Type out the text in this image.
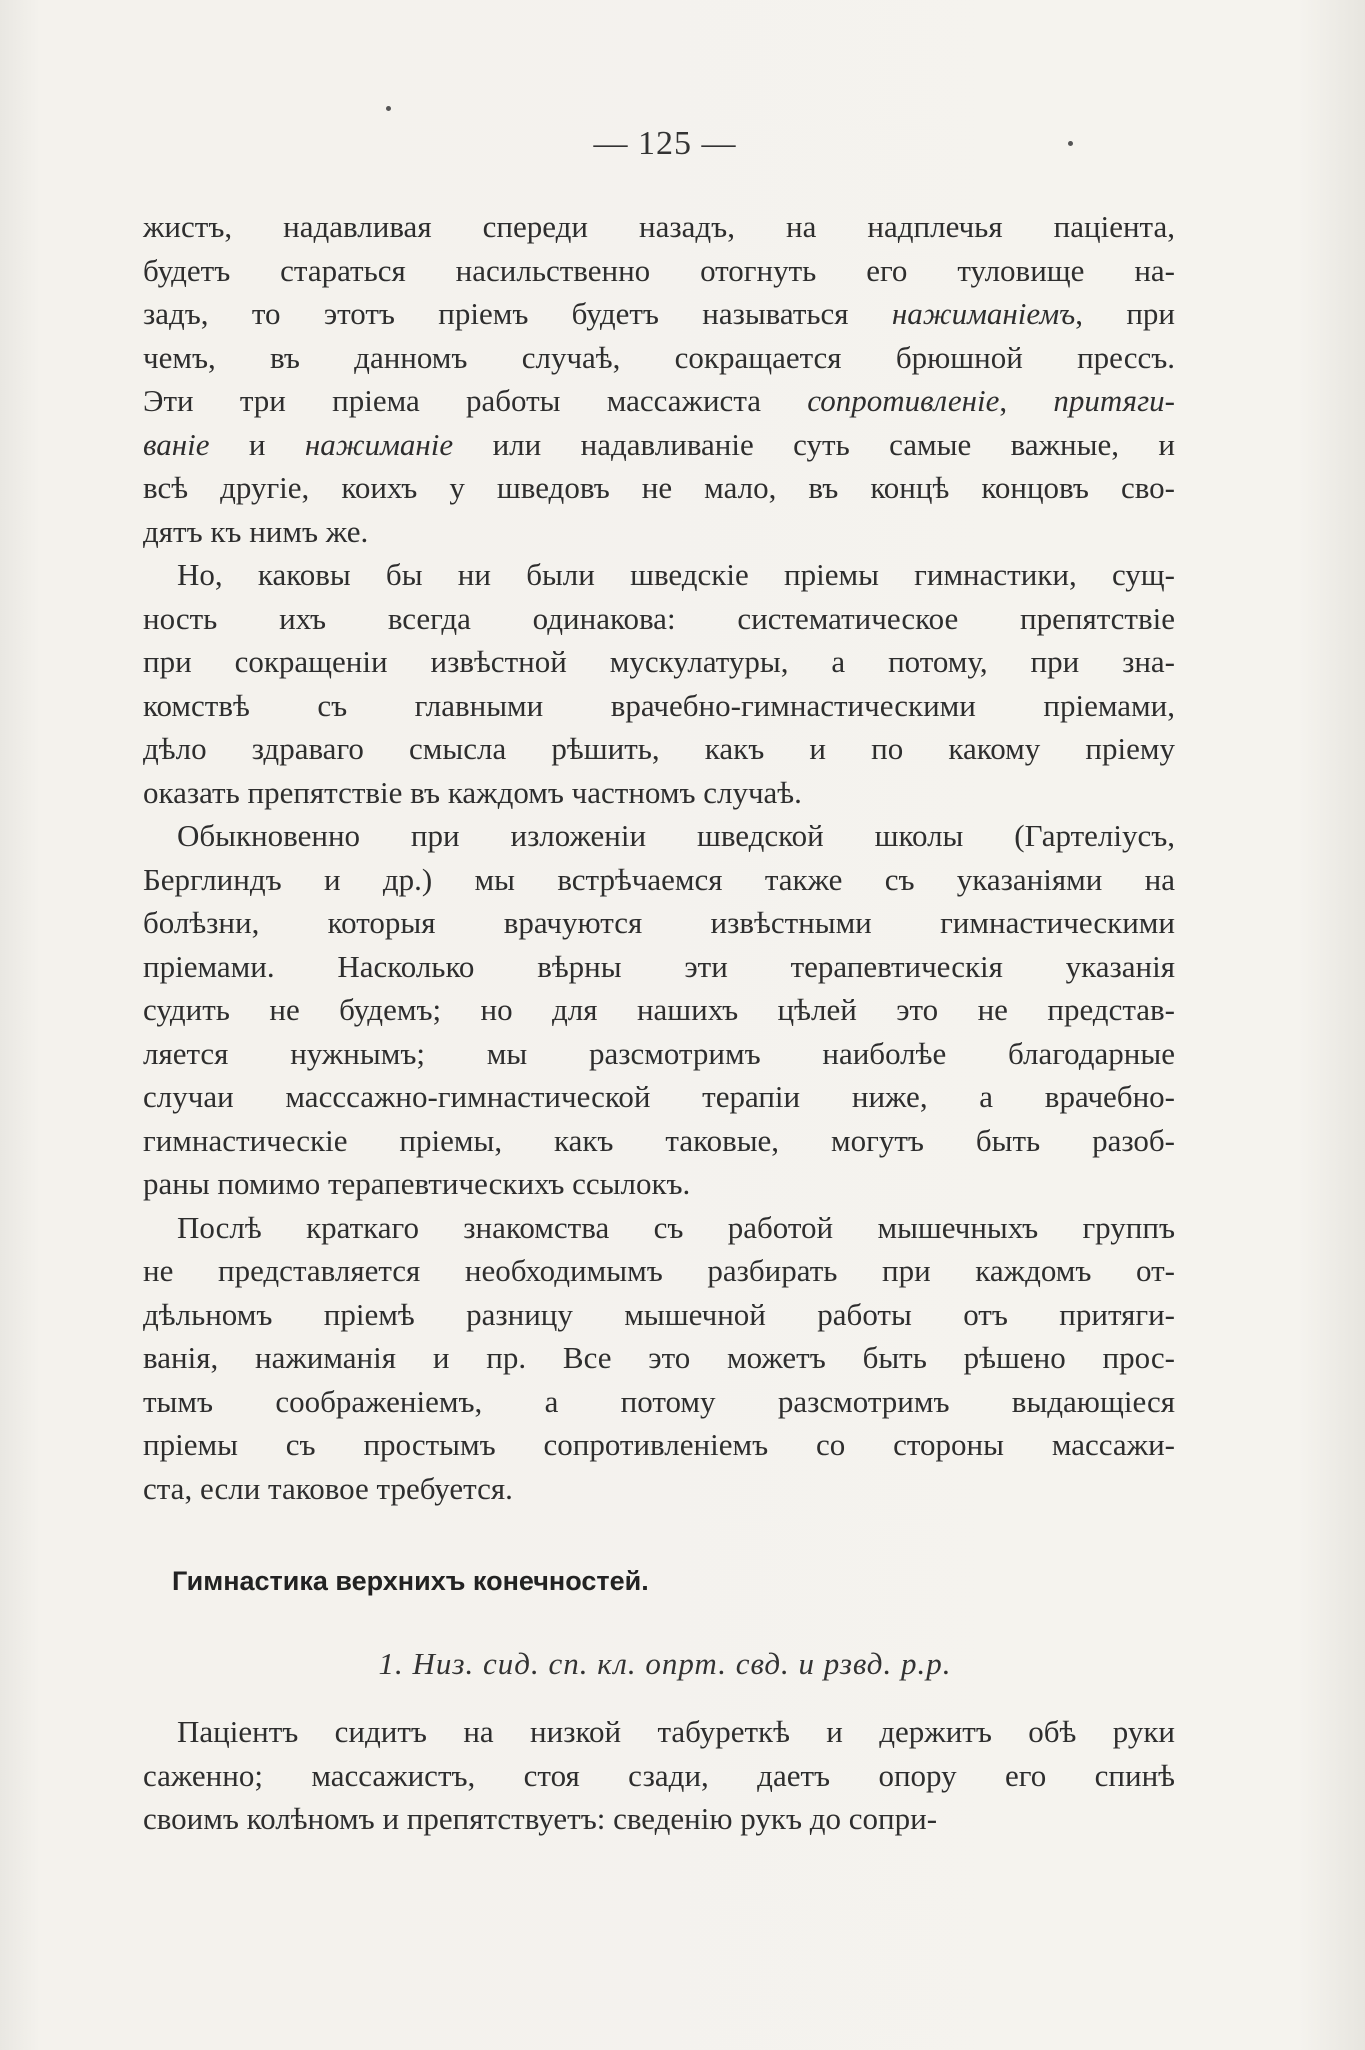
— 125 —
жистъ, надавливая спереди назадъ, на надплечья пацiента,
будетъ стараться насильственно отогнуть его туловище на-
задъ, то этотъ прiемъ будетъ называться нажиманiемъ, при
чемъ, въ данномъ случаѣ, сокращается брюшной прессъ.
Эти три прiема работы массажиста сопротивленiе, притяги-
ванiе и нажиманiе или надавливанiе суть самые важные, и
всѣ другiе, коихъ у шведовъ не мало, въ концѣ концовъ сво-
дятъ къ нимъ же.
Но, каковы бы ни были шведскiе прiемы гимнастики, сущ-
ность ихъ всегда одинакова: систематическое препятствiе
при сокращенiи извѣстной мускулатуры, а потому, при зна-
комствѣ съ главными врачебно-гимнастическими прiемами,
дѣло здраваго смысла рѣшить, какъ и по какому прiему
оказать препятствiе въ каждомъ частномъ случаѣ.
Обыкновенно при изложенiи шведской школы (Гартелiусъ,
Берглиндъ и др.) мы встрѣчаемся также съ указанiями на
болѣзни, которыя врачуются извѣстными гимнастическими
прiемами. Насколько вѣрны эти терапевтическiя указанiя
судить не будемъ; но для нашихъ цѣлей это не представ-
ляется нужнымъ; мы разсмотримъ наиболѣе благодарные
случаи масссажно-гимнастической терапiи ниже, а врачебно-
гимнастическiе прiемы, какъ таковые, могутъ быть разоб-
раны помимо терапевтическихъ ссылокъ.
Послѣ краткаго знакомства съ работой мышечныхъ группъ
не представляется необходимымъ разбирать при каждомъ от-
дѣльномъ прiемѣ разницу мышечной работы отъ притяги-
ванiя, нажиманiя и пр. Все это можетъ быть рѣшено прос-
тымъ соображенiемъ, а потому разсмотримъ выдающiеся
прiемы съ простымъ сопротивленiемъ со стороны массажи-
ста, если таковое требуется.
Гимнастика верхнихъ конечностей.
1. Низ. сид. сп. кл. опрт. свд. и рзвд. р.р.
Пацiентъ сидитъ на низкой табуреткѣ и держитъ обѣ руки
саженно; массажистъ, стоя сзади, даетъ опору его спинѣ
своимъ колѣномъ и препятствуетъ: сведенiю рукъ до сопри-
